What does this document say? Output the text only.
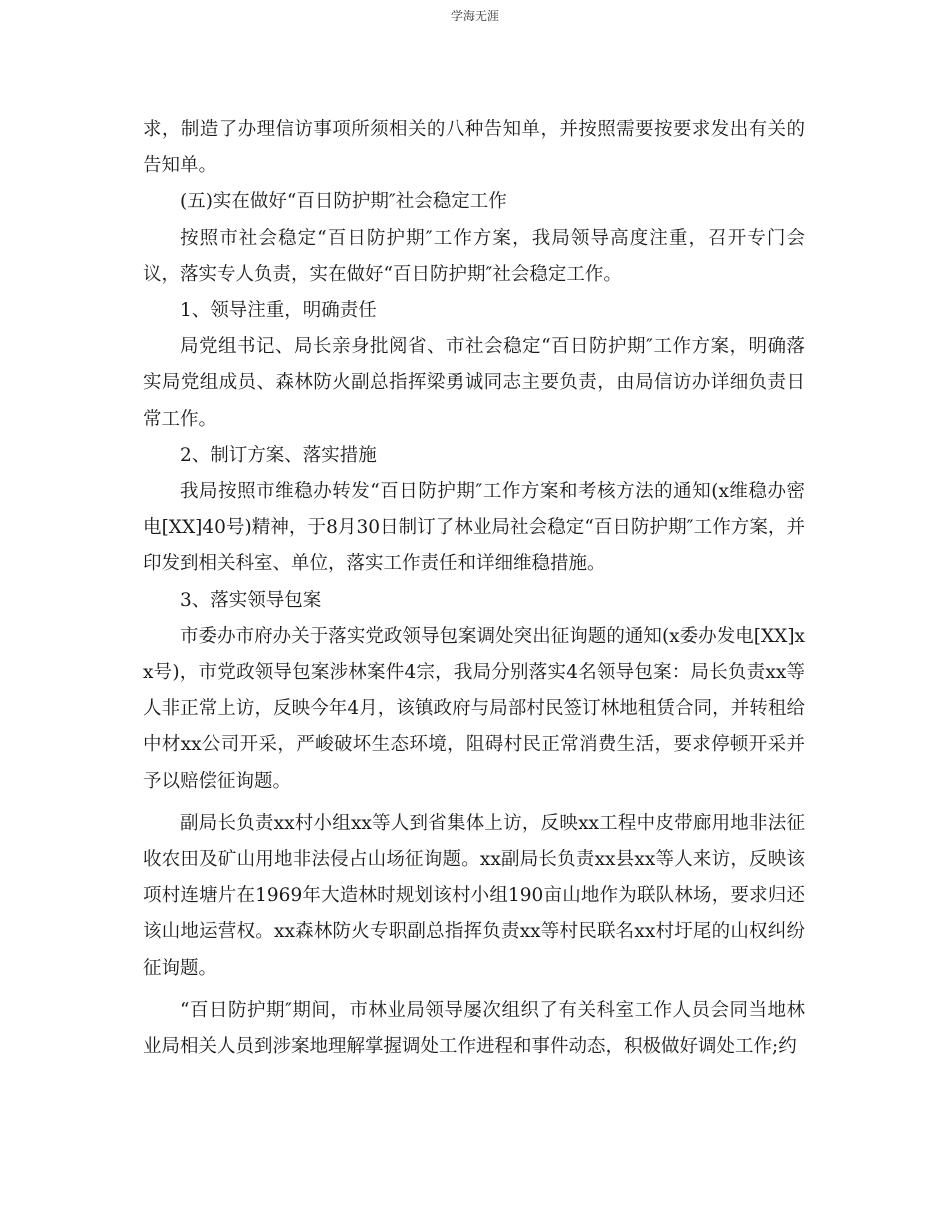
学海无涯

求，制造了办理信访事项所须相关的八种告知单，并按照需要按要求发出有关的告知单。

(五)实在做好“百日防护期″社会稳定工作

按照市社会稳定“百日防护期″工作方案，我局领导高度注重，召开专门会议，落实专人负责，实在做好“百日防护期″社会稳定工作。

1、领导注重，明确责任

局党组书记、局长亲身批阅省、市社会稳定“百日防护期″工作方案，明确落实局党组成员、森林防火副总指挥梁勇诚同志主要负责，由局信访办详细负责日常工作。

2、制订方案、落实措施

我局按照市维稳办转发“百日防护期″工作方案和考核方法的通知(x维稳办密电[XX]40号)精神，于8月30日制订了林业局社会稳定“百日防护期″工作方案，并印发到相关科室、单位，落实工作责任和详细维稳措施。

3、落实领导包案

市委办市府办关于落实党政领导包案调处突出征询题的通知(x委办发电[XX]xx号)，市党政领导包案涉林案件4宗，我局分别落实4名领导包案：局长负责xx等人非正常上访，反映今年4月，该镇政府与局部村民签订林地租赁合同，并转租给中材xx公司开采，严峻破坏生态环境，阻碍村民正常消费生活，要求停顿开采并予以赔偿征询题。

副局长负责xx村小组xx等人到省集体上访，反映xx工程中皮带廊用地非法征收农田及矿山用地非法侵占山场征询题。xx副局长负责xx县xx等人来访，反映该项村连塘片在1969年大造林时规划该村小组190亩山地作为联队林场，要求归还该山地运营权。xx森林防火专职副总指挥负责xx等村民联名xx村圩尾的山权纠纷征询题。

“百日防护期″期间，市林业局领导屡次组织了有关科室工作人员会同当地林业局相关人员到涉案地理解掌握调处工作进程和事件动态，积极做好调处工作;约
